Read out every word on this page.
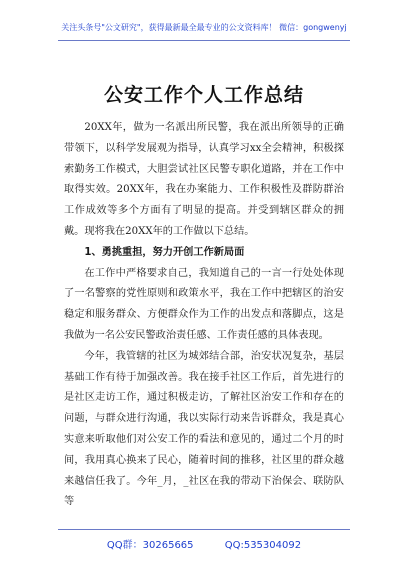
关注头条号"公文研究"，获得最新最全最专业的公文资料库！ 微信：gongwenyj
公安工作个人工作总结

20XX年，做为一名派出所民警，我在派出所领导的正确带领下，以科学发展观为指导，认真学习xx全会精神，积极探索勤务工作模式，大胆尝试社区民警专职化道路，并在工作中取得实效。20XX年，我在办案能力、工作积极性及群防群治工作成效等多个方面有了明显的提高。并受到辖区群众的拥戴。现将我在20XX年的工作做以下总结。

1、勇挑重担，努力开创工作新局面

在工作中严格要求自己，我知道自己的一言一行处处体现了一名警察的党性原则和政策水平，我在工作中把辖区的治安稳定和服务群众、方便群众作为工作的出发点和落脚点，这是我做为一名公安民警政治责任感、工作责任感的具体表现。

今年，我管辖的社区为城郊结合部，治安状况复杂，基层基础工作有待于加强改善。我在接手社区工作后，首先进行的是社区走访工作，通过积极走访，了解社区治安工作和存在的问题，与群众进行沟通，我以实际行动来告诉群众，我是真心实意来听取他们对公安工作的看法和意见的，通过二个月的时间，我用真心换来了民心，随着时间的推移，社区里的群众越来越信任我了。今年_月，_社区在我的带动下治保会、联防队等

QQ群：30265665	QQ:535304092
